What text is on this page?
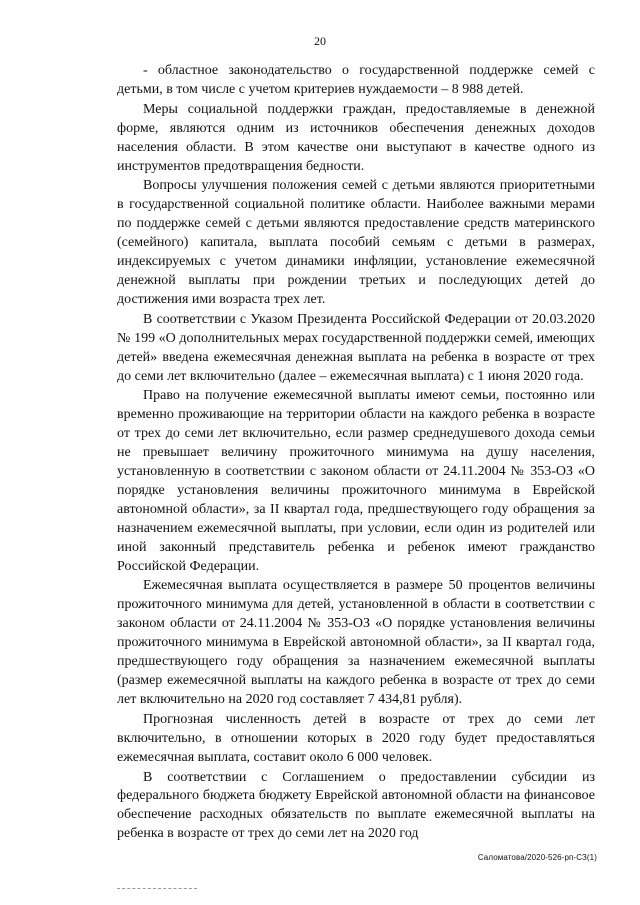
20

- областное законодательство о государственной поддержке семей с детьми, в том числе с учетом критериев нуждаемости – 8 988 детей.

Меры социальной поддержки граждан, предоставляемые в денежной форме, являются одним из источников обеспечения денежных доходов населения области. В этом качестве они выступают в качестве одного из инструментов предотвращения бедности.

Вопросы улучшения положения семей с детьми являются приоритетными в государственной социальной политике области. Наиболее важными мерами по поддержке семей с детьми являются предоставление средств материнского (семейного) капитала, выплата пособий семьям с детьми в размерах, индексируемых с учетом динамики инфляции, установление ежемесячной денежной выплаты при рождении третьих и последующих детей до достижения ими возраста трех лет.

В соответствии с Указом Президента Российской Федерации от 20.03.2020 № 199 «О дополнительных мерах государственной поддержки семей, имеющих детей» введена ежемесячная денежная выплата на ребенка в возрасте от трех до семи лет включительно (далее – ежемесячная выплата) с 1 июня 2020 года.

Право на получение ежемесячной выплаты имеют семьи, постоянно или временно проживающие на территории области на каждого ребенка в возрасте от трех до семи лет включительно, если размер среднедушевого дохода семьи не превышает величину прожиточного минимума на душу населения, установленную в соответствии с законом области от 24.11.2004 № 353-ОЗ «О порядке установления величины прожиточного минимума в Еврейской автономной области», за II квартал года, предшествующего году обращения за назначением ежемесячной выплаты, при условии, если один из родителей или иной законный представитель ребенка и ребенок имеют гражданство Российской Федерации.

Ежемесячная выплата осуществляется в размере 50 процентов величины прожиточного минимума для детей, установленной в области в соответствии с законом области от 24.11.2004 № 353-ОЗ «О порядке установления величины прожиточного минимума в Еврейской автономной области», за II квартал года, предшествующего году обращения за назначением ежемесячной выплаты (размер ежемесячной выплаты на каждого ребенка в возрасте от трех до семи лет включительно на 2020 год составляет 7 434,81 рубля).

Прогнозная численность детей в возрасте от трех до семи лет включительно, в отношении которых в 2020 году будет предоставляться ежемесячная выплата, составит около 6 000 человек.

В соответствии с Соглашением о предоставлении субсидии из федерального бюджета бюджету Еврейской автономной области на финансовое обеспечение расходных обязательств по выплате ежемесячной выплаты на ребенка в возрасте от трех до семи лет на 2020 год

Саломатова/2020-526-рп-СЗ(1)
